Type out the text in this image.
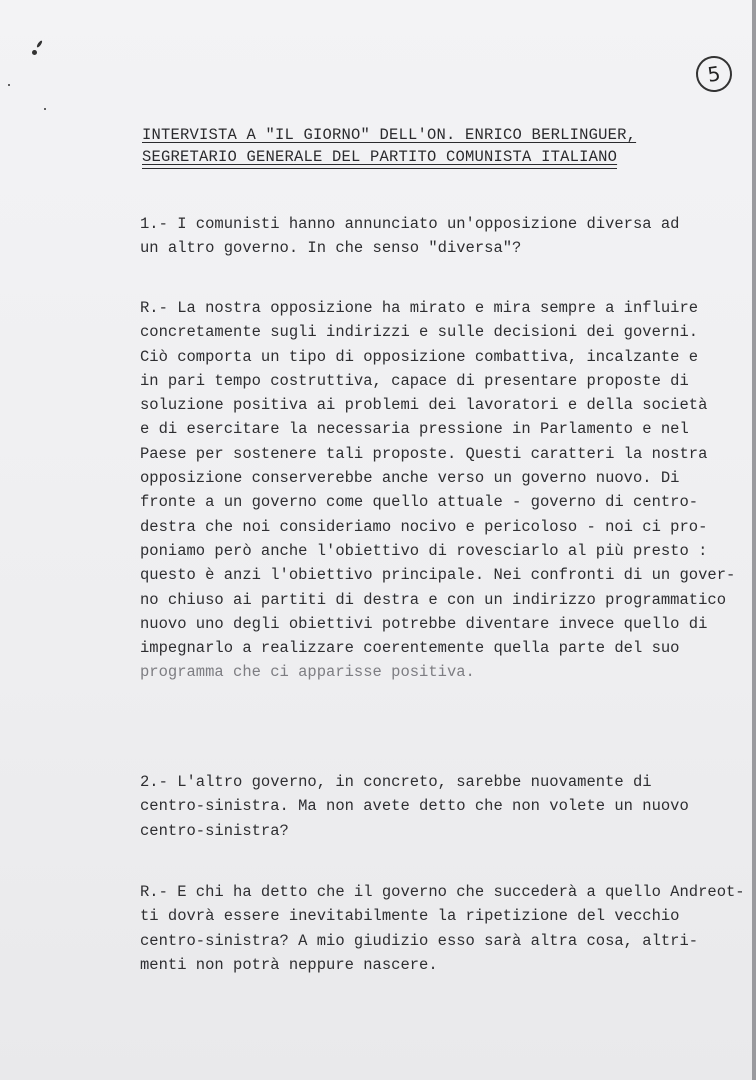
5
INTERVISTA A "IL GIORNO" DELL'ON. ENRICO BERLINGUER,
SEGRETARIO GENERALE DEL PARTITO COMUNISTA ITALIANO
1.- I comunisti hanno annunciato un'opposizione diversa ad
un altro governo. In che senso "diversa"?
R.- La nostra opposizione ha mirato e mira sempre a influire
concretamente sugli indirizzi e sulle decisioni dei governi.
Ciò comporta un tipo di opposizione combattiva, incalzante e
in pari tempo costruttiva, capace di presentare proposte di
soluzione positiva ai problemi dei lavoratori e della società
e di esercitare la necessaria pressione in Parlamento e nel
Paese per sostenere tali proposte. Questi caratteri la nostra
opposizione conserverebbe anche verso un governo nuovo. Di
fronte a un governo come quello attuale - governo di centro-
destra che noi consideriamo nocivo e pericoloso - noi ci pro-
poniamo però anche l'obiettivo di rovesciarlo al più presto :
questo è anzi l'obiettivo principale. Nei confronti di un gover-
no chiuso ai partiti di destra e con un indirizzo programmatico
nuovo uno degli obiettivi potrebbe diventare invece quello di
impegnarlo a realizzare coerentemente quella parte del suo
programma che ci apparisse positiva.
2.- L'altro governo, in concreto, sarebbe nuovamente di
centro-sinistra. Ma non avete detto che non volete un nuovo
centro-sinistra?
R.- E chi ha detto che il governo che succederà a quello Andreot-
ti dovrà essere inevitabilmente la ripetizione del vecchio
centro-sinistra? A mio giudizio esso sarà altra cosa, altri-
menti non potrà neppure nascere.
